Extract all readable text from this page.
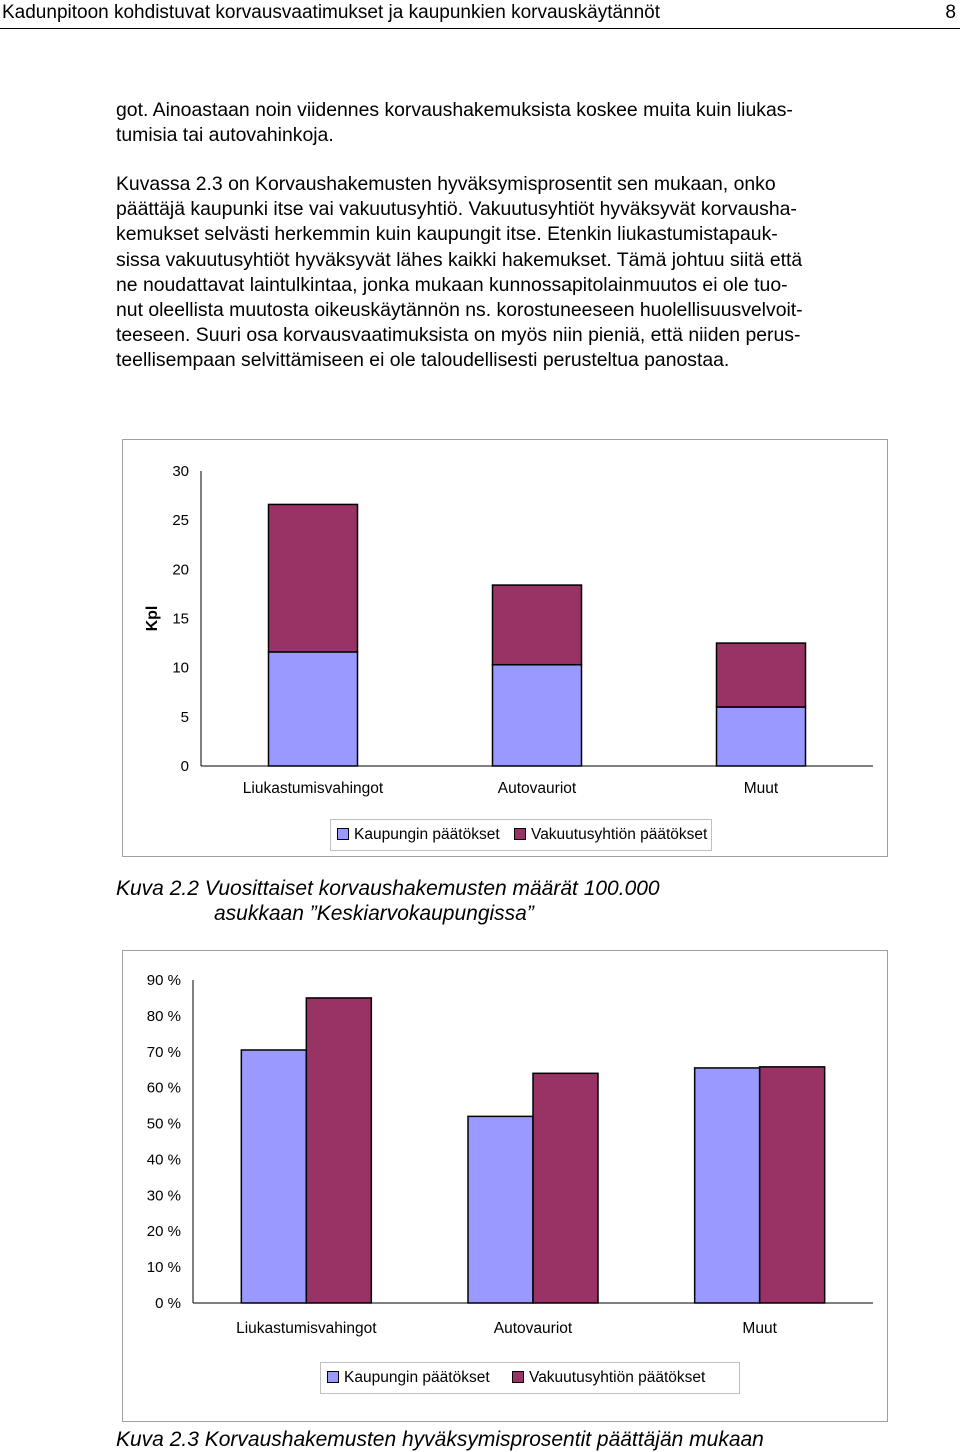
Kadunpitoon kohdistuvat korvausvaatimukset ja kaupunkien korvauskäytännöt	8
got. Ainoastaan noin viidennes korvaushakemuksista koskee muita kuin liukas-
tumisia tai autovahinkoja.
Kuvassa 2.3 on Korvaushakemusten hyväksymisprosentit sen mukaan, onko
päättäjä kaupunki itse vai vakuutusyhtiö. Vakuutusyhtiöt hyväksyvät korvausha-
kemukset selvästi herkemmin kuin kaupungit itse. Etenkin liukastumistapauk-
sissa vakuutusyhtiöt hyväksyvät lähes kaikki hakemukset. Tämä johtuu siitä että
ne noudattavat laintulkintaa, jonka mukaan kunnossapitolainmuutos ei ole tuo-
nut oleellista muutosta oikeuskäytännön ns. korostuneeseen huolellisuusvelvoit-
teeseen. Suuri osa korvausvaatimuksista on myös niin pieniä, että niiden perus-
teellisempaan selvittämiseen ei ole taloudellisesti perusteltua panostaa.
0
5
10
15
20
25
30
Kpl
Liukastumisvahingot	Autovauriot	Muut
Kaupungin päätökset	Vakuutusyhtiön päätökset
Kuva 2.2 Vuosittaiset korvaushakemusten määrät 100.000
asukkaan ”Keskiarvokaupungissa”
0 %
10 %
20 %
30 %
40 %
50 %
60 %
70 %
80 %
90 %
Liukastumisvahingot	Autovauriot	Muut
Kaupungin päätökset	Vakuutusyhtiön päätökset
Kuva 2.3 Korvaushakemusten hyväksymisprosentit päättäjän mukaan
